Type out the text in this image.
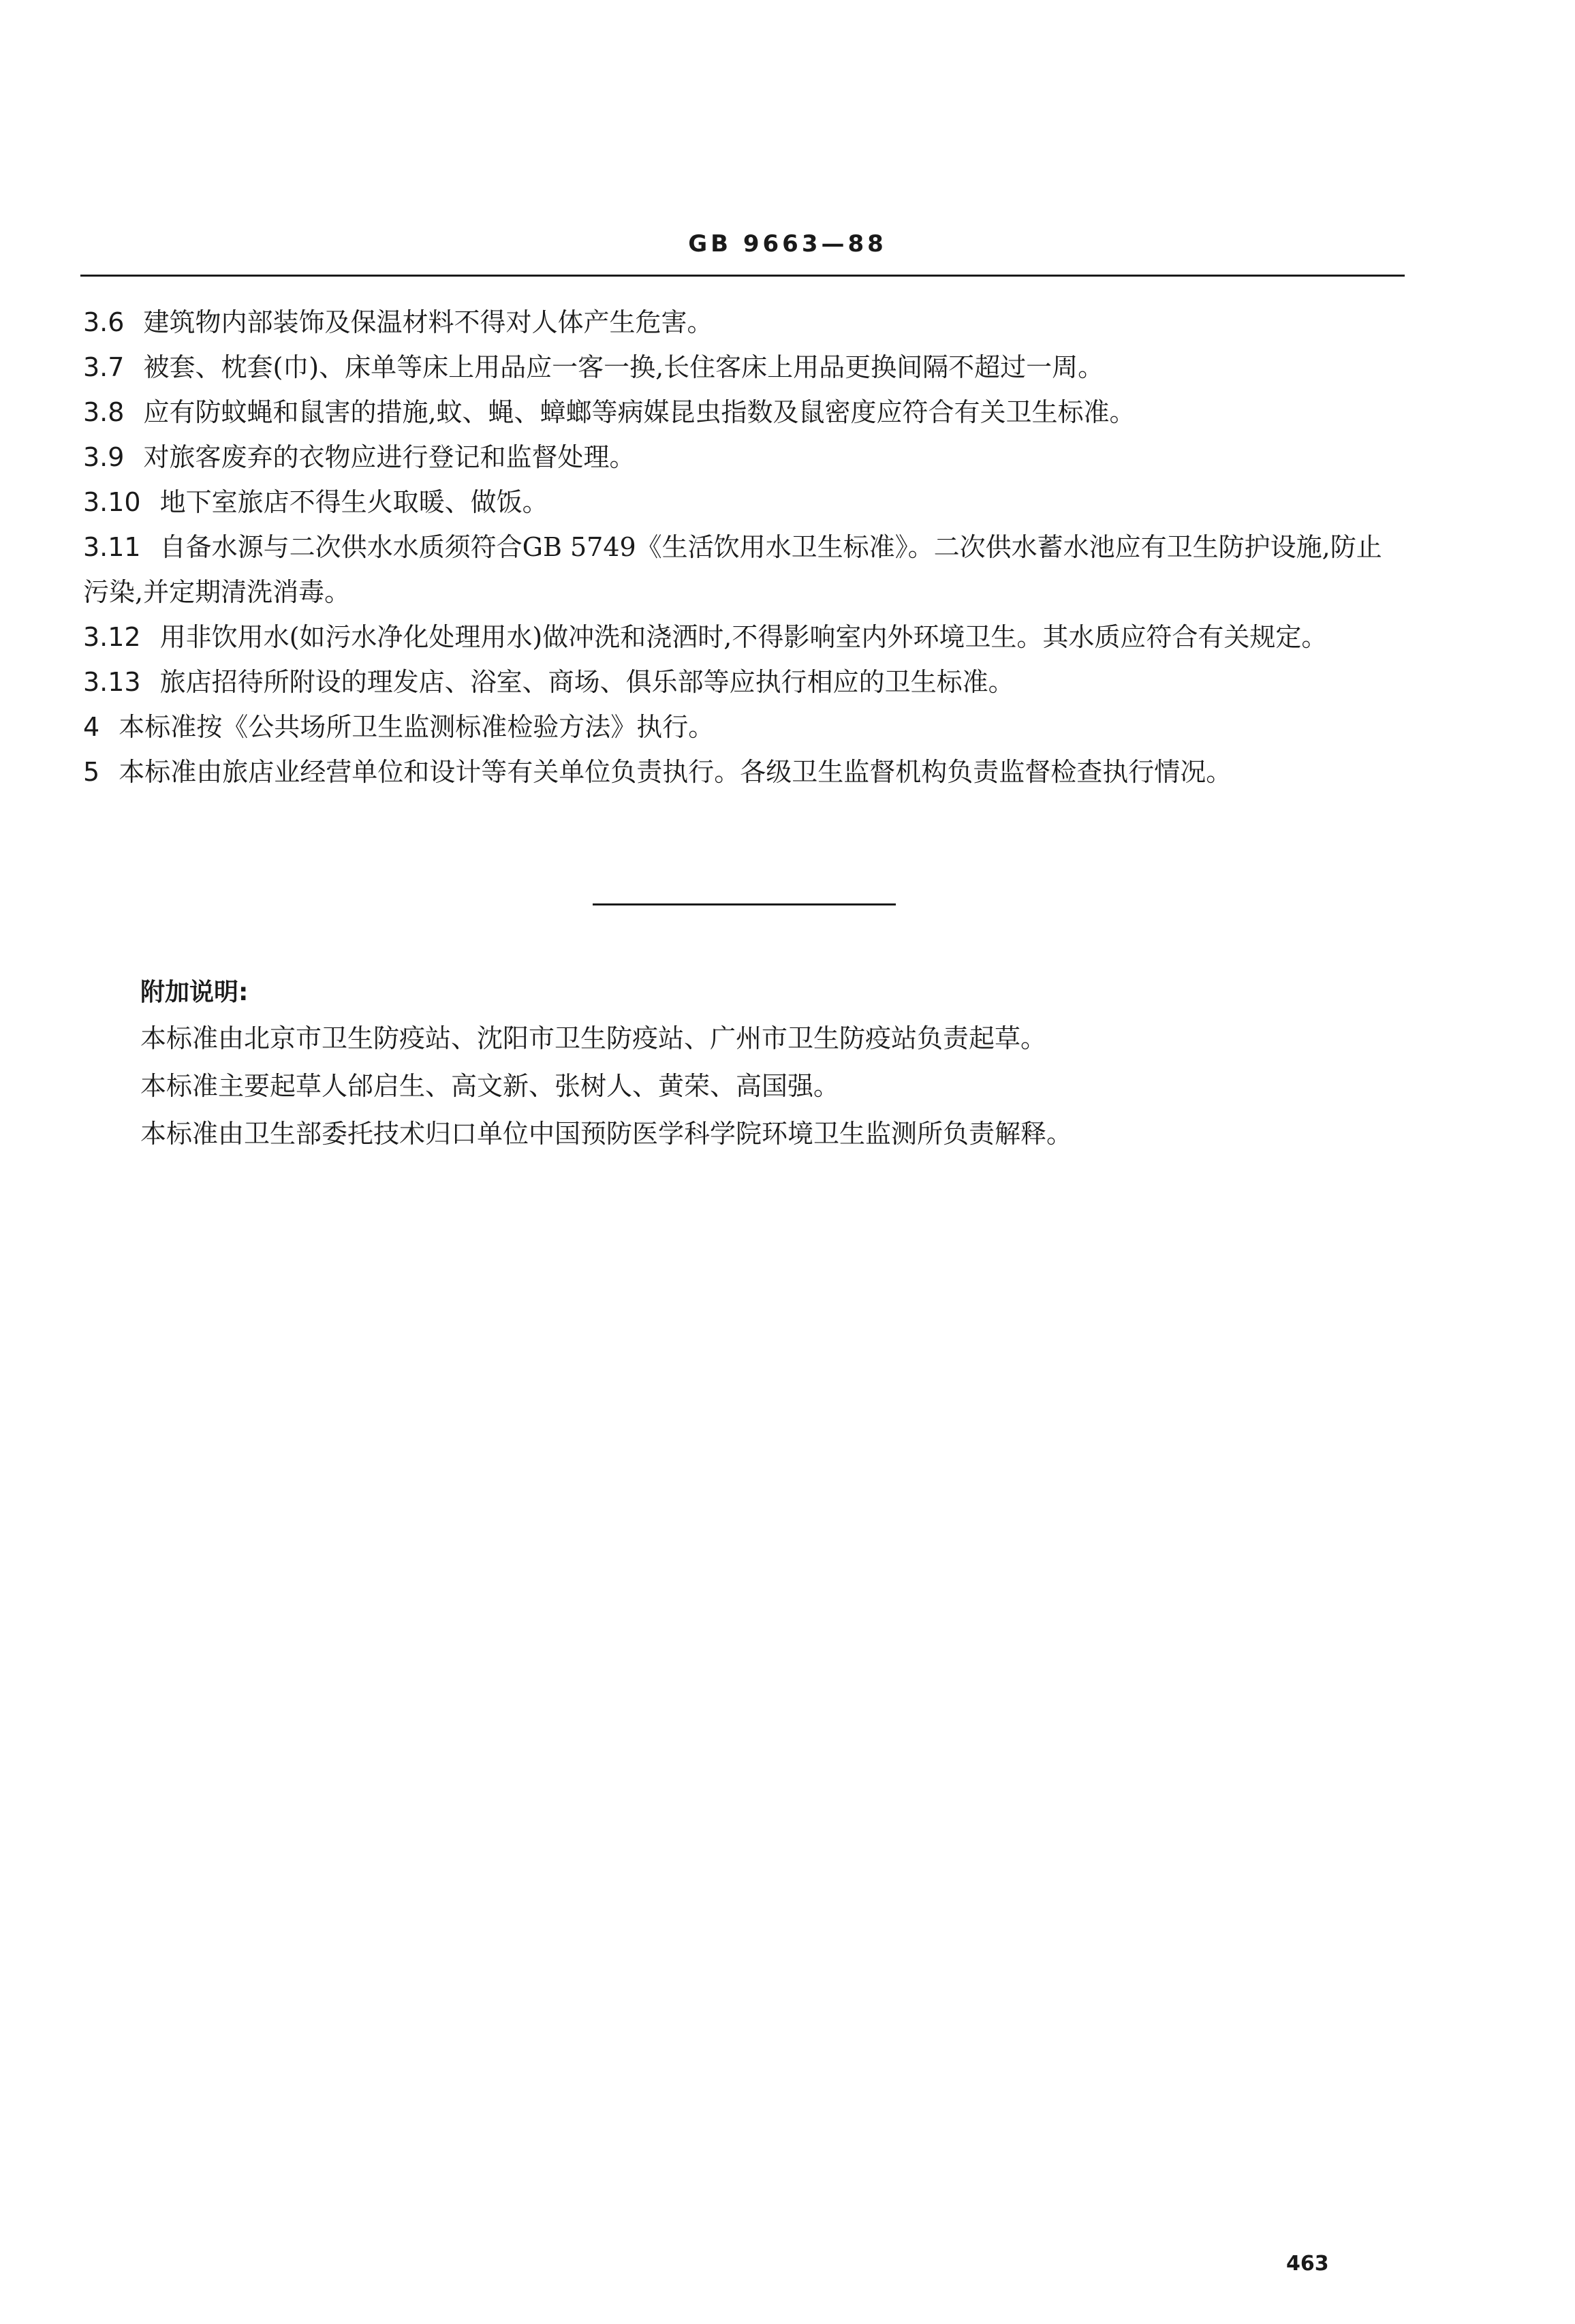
GB 9663—88

3.6 建筑物内部装饰及保温材料不得对人体产生危害。

3.7 被套、枕套(巾)、床单等床上用品应一客一换,长住客床上用品更换间隔不超过一周。

3.8 应有防蚊蝇和鼠害的措施,蚊、蝇、蟑螂等病媒昆虫指数及鼠密度应符合有关卫生标准。

3.9 对旅客废弃的衣物应进行登记和监督处理。

3.10 地下室旅店不得生火取暖、做饭。

3.11 自备水源与二次供水水质须符合GB 5749《生活饮用水卫生标准》。二次供水蓄水池应有卫生防护设施,防止污染,并定期清洗消毒。

3.12 用非饮用水(如污水净化处理用水)做冲洗和浇洒时,不得影响室内外环境卫生。其水质应符合有关规定。

3.13 旅店招待所附设的理发店、浴室、商场、俱乐部等应执行相应的卫生标准。

4 本标准按《公共场所卫生监测标准检验方法》执行。

5 本标准由旅店业经营单位和设计等有关单位负责执行。各级卫生监督机构负责监督检查执行情况。

附加说明:

本标准由北京市卫生防疫站、沈阳市卫生防疫站、广州市卫生防疫站负责起草。

本标准主要起草人邰启生、高文新、张树人、黄荣、高国强。

本标准由卫生部委托技术归口单位中国预防医学科学院环境卫生监测所负责解释。

463
